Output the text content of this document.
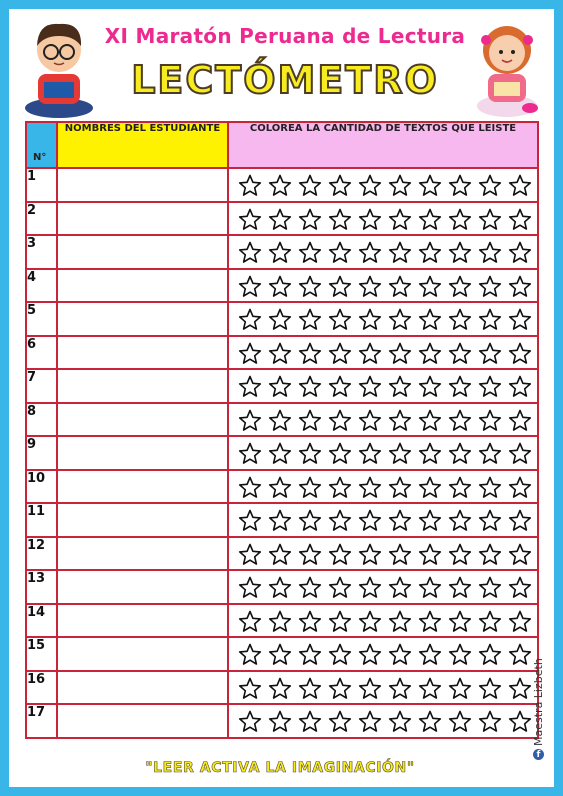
XI Maratón Peruana de Lectura
LECTÓMETRO
N°	NOMBRES DEL ESTUDIANTE	COLOREA LA CANTIDAD DE TEXTOS QUE LEISTE
1		

2		

3		

4		

5		

6		

7		

8		

9		

10		

11		

12		

13		

14		

15		

16		

17		
"LEER ACTIVA LA IMAGINACIÓN"
f
Maestra Lizbeth
